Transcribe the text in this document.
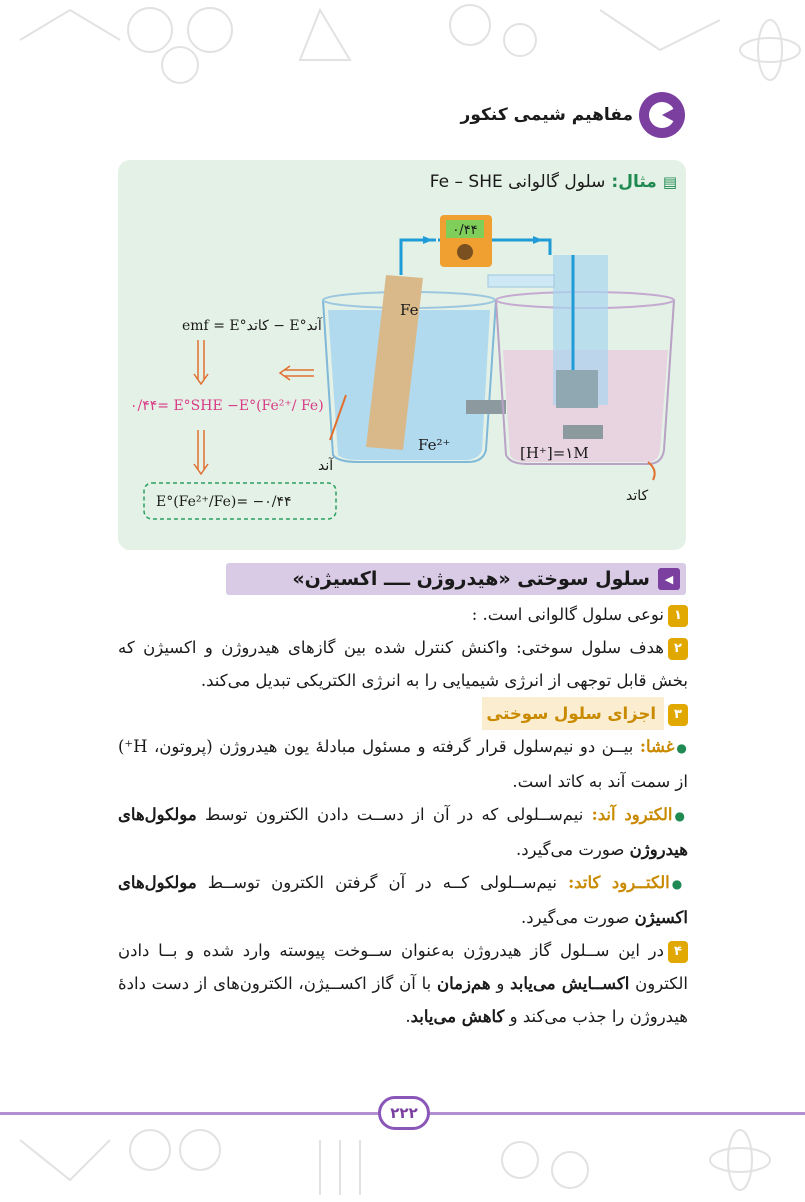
مفاهیم شیمی کنکور
▤
مثال:
سلول گالوانی Fe – SHE
۰/۴۴
Fe
Fe²⁺	[H⁺]=۱M
آند
کاتد
emf = E°کاتد − E°آند
۰/۴۴= E°SHE −E°(Fe²⁺/ Fe)
E°(Fe²⁺/Fe)= −۰/۴۴
◀
سلول سوختی «هیدروژن ــــ اکسیژن»
۱نوعی سلول گالوانی است. :
۲هدف سلول سوختی: واکنش کنترل شده بین گازهای هیدروژن و اکسیژن که بخش قابل توجهی از انرژی شیمیایی را به انرژی الکتریکی تبدیل می‌کند.
۳اجزای سلول سوختی
●غشا: بیــن دو نیم‌سلول قرار گرفته و مسئول مبادلهٔ یون هیدروژن (پروتون، H⁺) از سمت آند به کاتد است.
●الکترود آند: نیم‌ســلولی که در آن از دســت دادن الکترون توسط مولکول‌های هیدروژن صورت می‌گیرد.
●الکتــرود کاتد: نیم‌ســلولی کــه در آن گرفتن الکترون توســط مولکول‌های اکسیژن صورت می‌گیرد.
۴در این ســلول گاز هیدروژن به‌عنوان ســوخت پیوسته وارد شده و بــا دادن الکترون اکســایش می‌یابد و هم‌زمان با آن گاز اکســیژن، الکترون‌های از دست دادهٔ هیدروژن را جذب می‌کند و کاهش می‌یابد.
۲۲۲
